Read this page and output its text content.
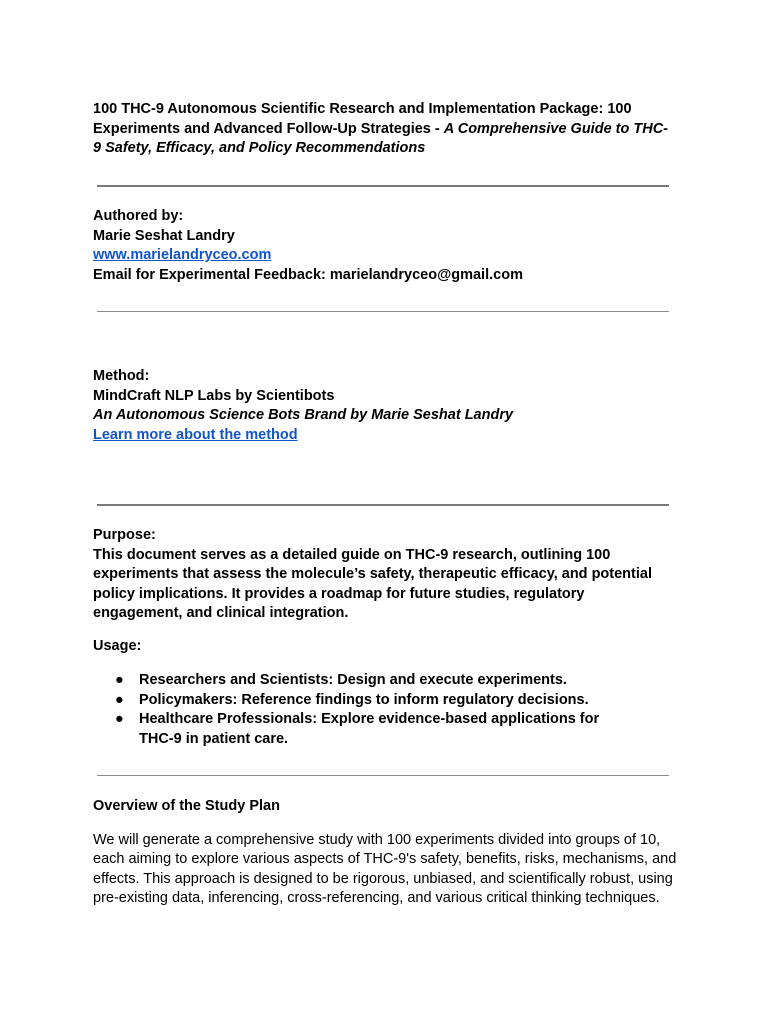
100 THC-9 Autonomous Scientific Research and Implementation Package: 100 Experiments and Advanced Follow-Up Strategies - A Comprehensive Guide to THC-9 Safety, Efficacy, and Policy Recommendations

Authored by:

Marie Seshat Landry

www.marielandryceo.com

Email for Experimental Feedback: marielandryceo@gmail.com

Method:

MindCraft NLP Labs by Scientibots

An Autonomous Science Bots Brand by Marie Seshat Landry

Learn more about the method

Purpose:

This document serves as a detailed guide on THC-9 research, outlining 100 experiments that assess the molecule’s safety, therapeutic efficacy, and potential policy implications. It provides a roadmap for future studies, regulatory engagement, and clinical integration.

Usage:

● Researchers and Scientists: Design and execute experiments.
● Policymakers: Reference findings to inform regulatory decisions.
● Healthcare Professionals: Explore evidence-based applications for THC-9 in patient care.

Overview of the Study Plan

We will generate a comprehensive study with 100 experiments divided into groups of 10, each aiming to explore various aspects of THC-9's safety, benefits, risks, mechanisms, and effects. This approach is designed to be rigorous, unbiased, and scientifically robust, using pre-existing data, inferencing, cross-referencing, and various critical thinking techniques.
